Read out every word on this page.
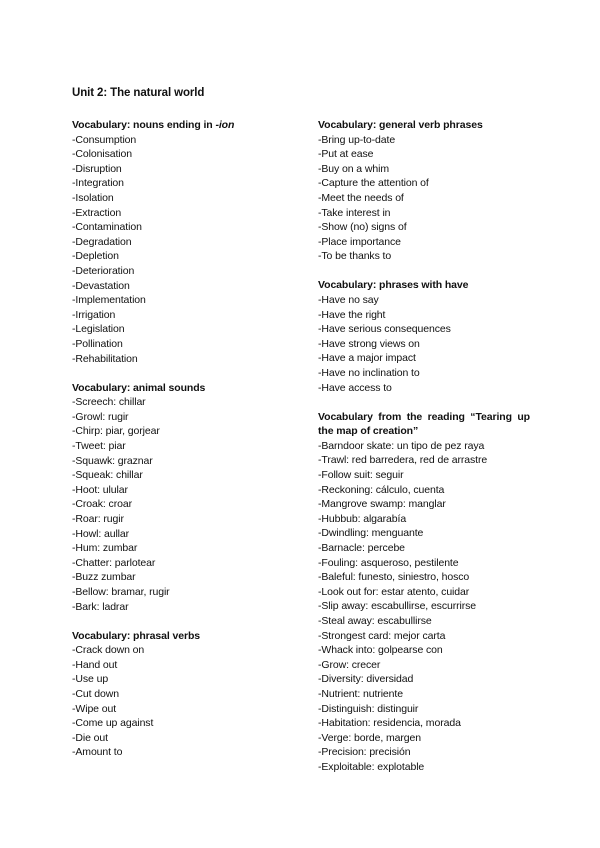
Unit 2: The natural world
Vocabulary: nouns ending in -ion
-Consumption
-Colonisation
-Disruption
-Integration
-Isolation
-Extraction
-Contamination
-Degradation
-Depletion
-Deterioration
-Devastation
-Implementation
-Irrigation
-Legislation
-Pollination
-Rehabilitation
Vocabulary: animal sounds
-Screech: chillar
-Growl: rugir
-Chirp: piar, gorjear
-Tweet: piar
-Squawk: graznar
-Squeak: chillar
-Hoot: ulular
-Croak: croar
-Roar: rugir
-Howl: aullar
-Hum: zumbar
-Chatter: parlotear
-Buzz zumbar
-Bellow: bramar, rugir
-Bark: ladrar
Vocabulary: phrasal verbs
-Crack down on
-Hand out
-Use up
-Cut down
-Wipe out
-Come up against
-Die out
-Amount to
Vocabulary: general verb phrases
-Bring up-to-date
-Put at ease
-Buy on a whim
-Capture the attention of
-Meet the needs of
-Take interest in
-Show (no) signs of
-Place importance
-To be thanks to
Vocabulary: phrases with have
-Have no say
-Have the right
-Have serious consequences
-Have strong views on
-Have a major impact
-Have no inclination to
-Have access to
Vocabulary from the reading “Tearing up the map of creation”
-Barndoor skate: un tipo de pez raya
-Trawl: red barredera, red de arrastre
-Follow suit: seguir
-Reckoning: cálculo, cuenta
-Mangrove swamp: manglar
-Hubbub: algarabía
-Dwindling: menguante
-Barnacle: percebe
-Fouling: asqueroso, pestilente
-Baleful: funesto, siniestro, hosco
-Look out for: estar atento, cuidar
-Slip away: escabullirse, escurrirse
-Steal away: escabullirse
-Strongest card: mejor carta
-Whack into: golpearse con
-Grow: crecer
-Diversity: diversidad
-Nutrient: nutriente
-Distinguish: distinguir
-Habitation: residencia, morada
-Verge: borde, margen
-Precision: precisión
-Exploitable: explotable
